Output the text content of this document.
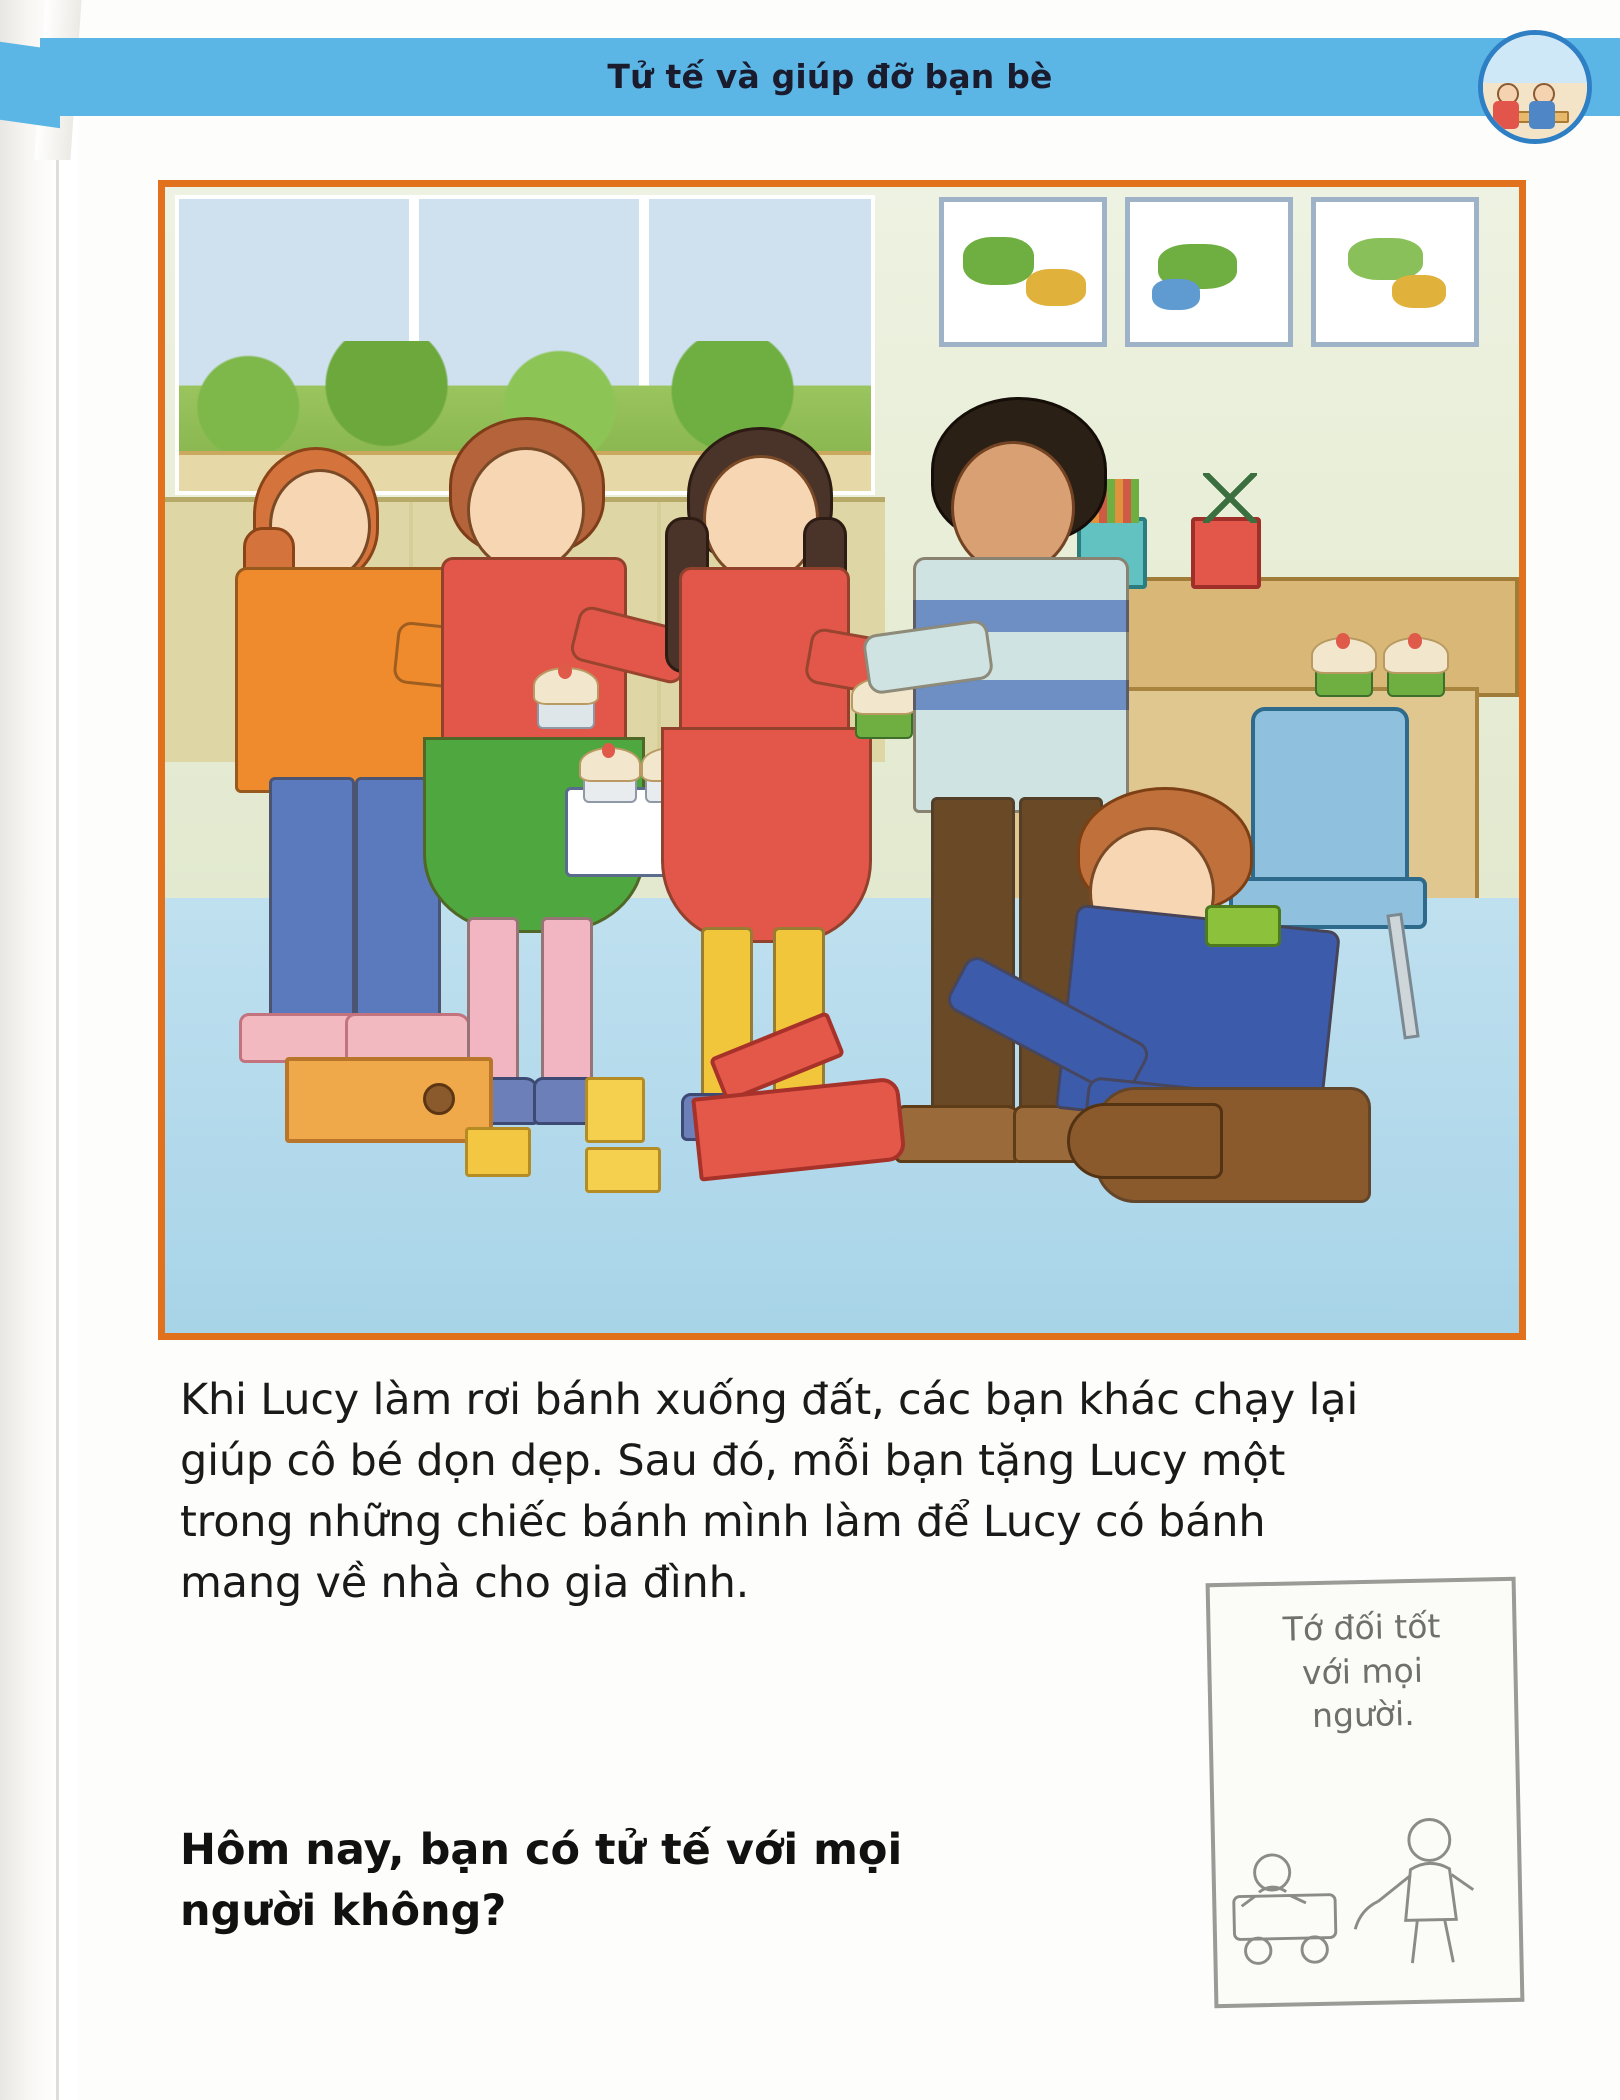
Tử tế và giúp đỡ bạn bè

Khi Lucy làm rơi bánh xuống đất, các bạn khác chạy lại giúp cô bé dọn dẹp. Sau đó, mỗi bạn tặng Lucy một trong những chiếc bánh mình làm để Lucy có bánh mang về nhà cho gia đình.

Hôm nay, bạn có tử tế với mọi người không?
Tớ đối tốt
với mọi
người.
